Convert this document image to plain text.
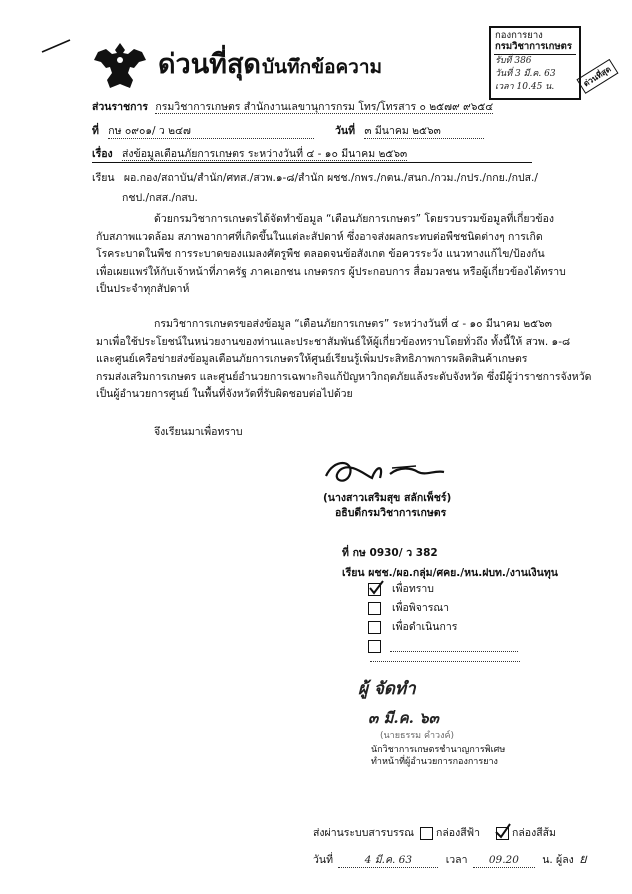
ด่วนที่สุด บันทึกข้อความ
กองการยาง
กรมวิชาการเกษตร
รับที่ 386
วันที่ 3 มี.ค. 63
เวลา 10.45 น.	ด่วนที่สุด
ส่วนราชการ กรมวิชาการเกษตร สำนักงานเลขานุการกรม โทร/โทรสาร ๐ ๒๕๗๙ ๙๖๕๔
ที่ กษ ๐๙๐๑/ ว ๒๔๗	วันที่ ๓ มีนาคม ๒๕๖๓
เรื่อง ส่งข้อมูลเตือนภัยการเกษตร ระหว่างวันที่ ๔ - ๑๐ มีนาคม ๒๕๖๓
เรียน ผอ.กอง/สถาบัน/สำนัก/ศทส./สวพ.๑-๘/สำนัก ผชช./กพร./กตน./สนก./กวม./กปร./กกย./กปส./
กชป./กสส./กสบ.
ด้วยกรมวิชาการเกษตรได้จัดทำข้อมูล “เตือนภัยการเกษตร” โดยรวบรวมข้อมูลที่เกี่ยวข้อง
กับสภาพแวดล้อม สภาพอากาศที่เกิดขึ้นในแต่ละสัปดาห์ ซึ่งอาจส่งผลกระทบต่อพืชชนิดต่างๆ การเกิด
โรคระบาดในพืช การระบาดของแมลงศัตรูพืช ตลอดจนข้อสังเกต ข้อควรระวัง แนวทางแก้ไข/ป้องกัน
เพื่อเผยแพร่ให้กับเจ้าหน้าที่ภาครัฐ ภาคเอกชน เกษตรกร ผู้ประกอบการ สื่อมวลชน หรือผู้เกี่ยวข้องได้ทราบ
เป็นประจำทุกสัปดาห์
กรมวิชาการเกษตรขอส่งข้อมูล “เตือนภัยการเกษตร” ระหว่างวันที่ ๔ - ๑๐ มีนาคม ๒๕๖๓
มาเพื่อใช้ประโยชน์ในหน่วยงานของท่านและประชาสัมพันธ์ให้ผู้เกี่ยวข้องทราบโดยทั่วถึง ทั้งนี้ให้ สวพ. ๑-๘
และศูนย์เครือข่ายส่งข้อมูลเตือนภัยการเกษตรให้ศูนย์เรียนรู้เพิ่มประสิทธิภาพการผลิตสินค้าเกษตร
กรมส่งเสริมการเกษตร และศูนย์อำนวยการเฉพาะกิจแก้ปัญหาวิกฤตภัยแล้งระดับจังหวัด ซึ่งมีผู้ว่าราชการจังหวัด
เป็นผู้อำนวยการศูนย์ ในพื้นที่จังหวัดที่รับผิดชอบต่อไปด้วย
จึงเรียนมาเพื่อทราบ
(นางสาวเสริมสุข สลักเพ็ชร์)
อธิบดีกรมวิชาการเกษตร
ที่ กษ 0930/ ว 382
เรียน ผชช./ผอ.กลุ่ม/ศคย./หน.ฝบท./งานเงินทุน
เพื่อทราบ
เพื่อพิจารณา
เพื่อดำเนินการ
ผู้ จัดทำ
๓ มี.ค. ๖๓
(นายธรรม คำวงค์)
นักวิชาการเกษตรชำนาญการพิเศษ
ทำหน้าที่ผู้อำนวยการกองการยาง
ส่งผ่านระบบสารบรรณ กล่องสีฟ้า	กล่องสีส้ม
วันที่	4 มี.ค. 63	เวลา 09.20 น. ผู้ลง ย
